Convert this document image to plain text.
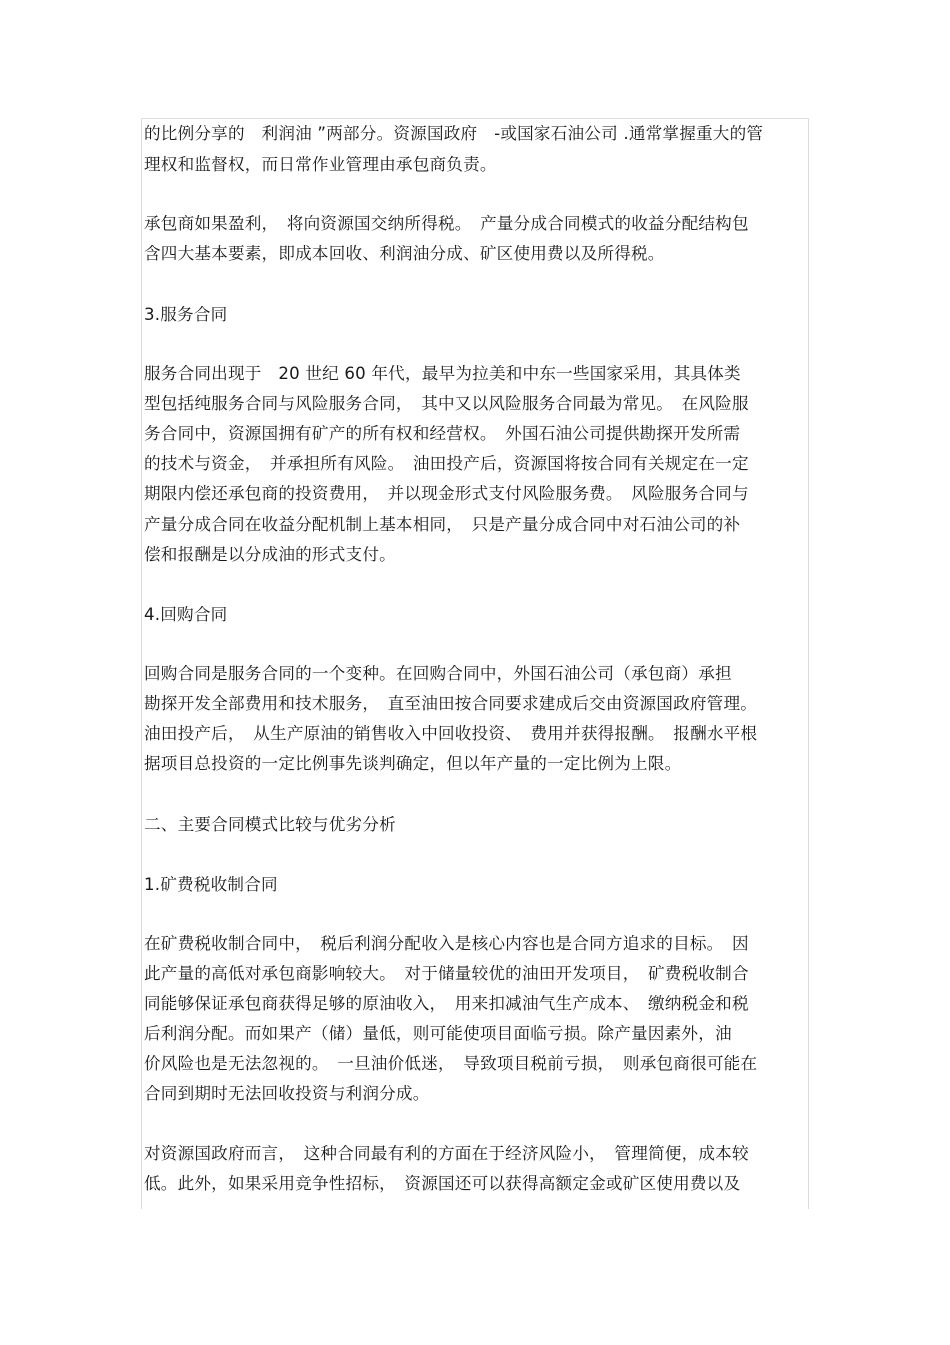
的比例分享的　利润油 ”两部分。资源国政府　-或国家石油公司 .通常掌握重大的管
理权和监督权，而日常作业管理由承包商负责。
承包商如果盈利，　将向资源国交纳所得税。　产量分成合同模式的收益分配结构包
含四大基本要素，即成本回收、利润油分成、矿区使用费以及所得税。
3.服务合同
服务合同出现于　20 世纪 60 年代，最早为拉美和中东一些国家采用，其具体类
型包括纯服务合同与风险服务合同，　其中又以风险服务合同最为常见。　在风险服
务合同中，资源国拥有矿产的所有权和经营权。　外国石油公司提供勘探开发所需
的技术与资金，　并承担所有风险。　油田投产后，资源国将按合同有关规定在一定
期限内偿还承包商的投资费用，　并以现金形式支付风险服务费。　风险服务合同与
产量分成合同在收益分配机制上基本相同，　只是产量分成合同中对石油公司的补
偿和报酬是以分成油的形式支付。
4.回购合同
回购合同是服务合同的一个变种。在回购合同中，外国石油公司（承包商）承担
勘探开发全部费用和技术服务，　直至油田按合同要求建成后交由资源国政府管理。
油田投产后，　从生产原油的销售收入中回收投资、　费用并获得报酬。　报酬水平根
据项目总投资的一定比例事先谈判确定，但以年产量的一定比例为上限。
二、主要合同模式比较与优劣分析
1.矿费税收制合同
在矿费税收制合同中，　税后利润分配收入是核心内容也是合同方追求的目标。　因
此产量的高低对承包商影响较大。　对于储量较优的油田开发项目，　矿费税收制合
同能够保证承包商获得足够的原油收入，　用来扣减油气生产成本、　缴纳税金和税
后利润分配。而如果产（储）量低，则可能使项目面临亏损。除产量因素外，油
价风险也是无法忽视的。　一旦油价低迷，　导致项目税前亏损，　则承包商很可能在
合同到期时无法回收投资与利润分成。
对资源国政府而言，　这种合同最有利的方面在于经济风险小，　管理简便，成本较
低。此外，如果采用竞争性招标，　资源国还可以获得高额定金或矿区使用费以及
